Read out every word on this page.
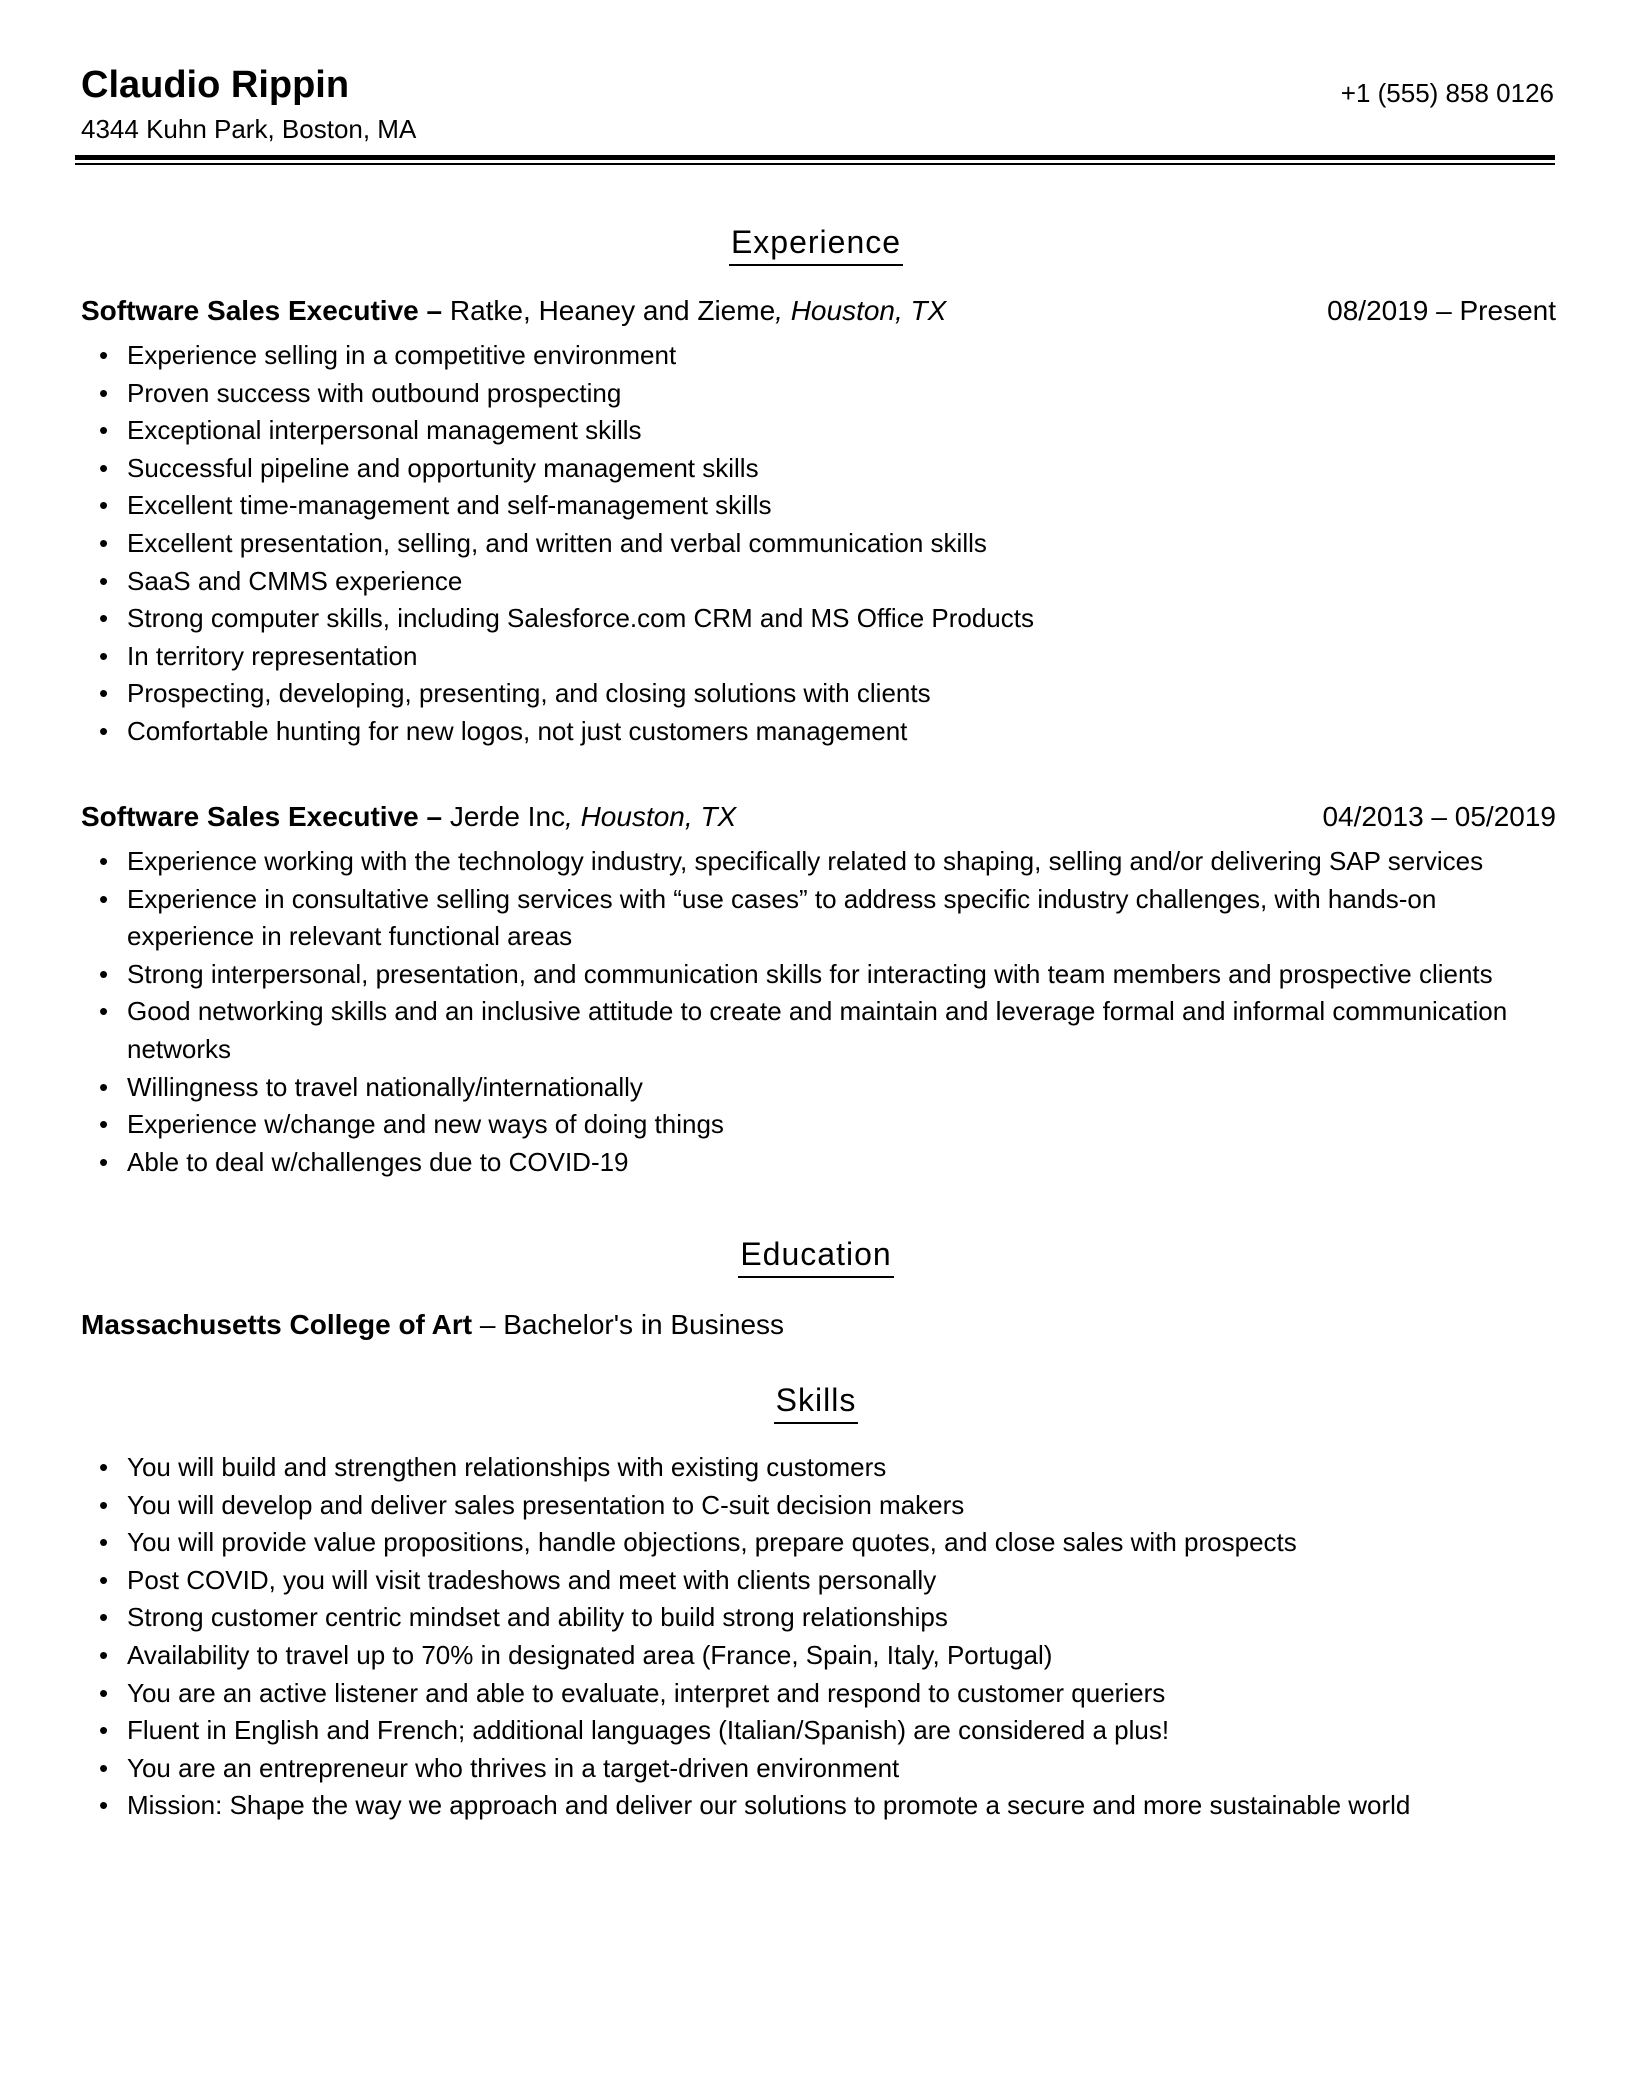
Claudio Rippin
4344 Kuhn Park, Boston, MA
+1 (555) 858 0126
Experience
Software Sales Executive – Ratke, Heaney and Zieme, Houston, TX	08/2019 – Present
• Experience selling in a competitive environment
• Proven success with outbound prospecting
• Exceptional interpersonal management skills
• Successful pipeline and opportunity management skills
• Excellent time-management and self-management skills
• Excellent presentation, selling, and written and verbal communication skills
• SaaS and CMMS experience
• Strong computer skills, including Salesforce.com CRM and MS Office Products
• In territory representation
• Prospecting, developing, presenting, and closing solutions with clients
• Comfortable hunting for new logos, not just customers management
Software Sales Executive – Jerde Inc, Houston, TX	04/2013 – 05/2019
• Experience working with the technology industry, specifically related to shaping, selling and/or delivering SAP services
• Experience in consultative selling services with “use cases” to address specific industry challenges, with hands-on experience in relevant functional areas
• Strong interpersonal, presentation, and communication skills for interacting with team members and prospective clients
• Good networking skills and an inclusive attitude to create and maintain and leverage formal and informal communication networks
• Willingness to travel nationally/internationally
• Experience w/change and new ways of doing things
• Able to deal w/challenges due to COVID-19
Education
Massachusetts College of Art – Bachelor's in Business
Skills
• You will build and strengthen relationships with existing customers
• You will develop and deliver sales presentation to C-suit decision makers
• You will provide value propositions, handle objections, prepare quotes, and close sales with prospects
• Post COVID, you will visit tradeshows and meet with clients personally
• Strong customer centric mindset and ability to build strong relationships
• Availability to travel up to 70% in designated area (France, Spain, Italy, Portugal)
• You are an active listener and able to evaluate, interpret and respond to customer queriers
• Fluent in English and French; additional languages (Italian/Spanish) are considered a plus!
• You are an entrepreneur who thrives in a target-driven environment
• Mission: Shape the way we approach and deliver our solutions to promote a secure and more sustainable world
